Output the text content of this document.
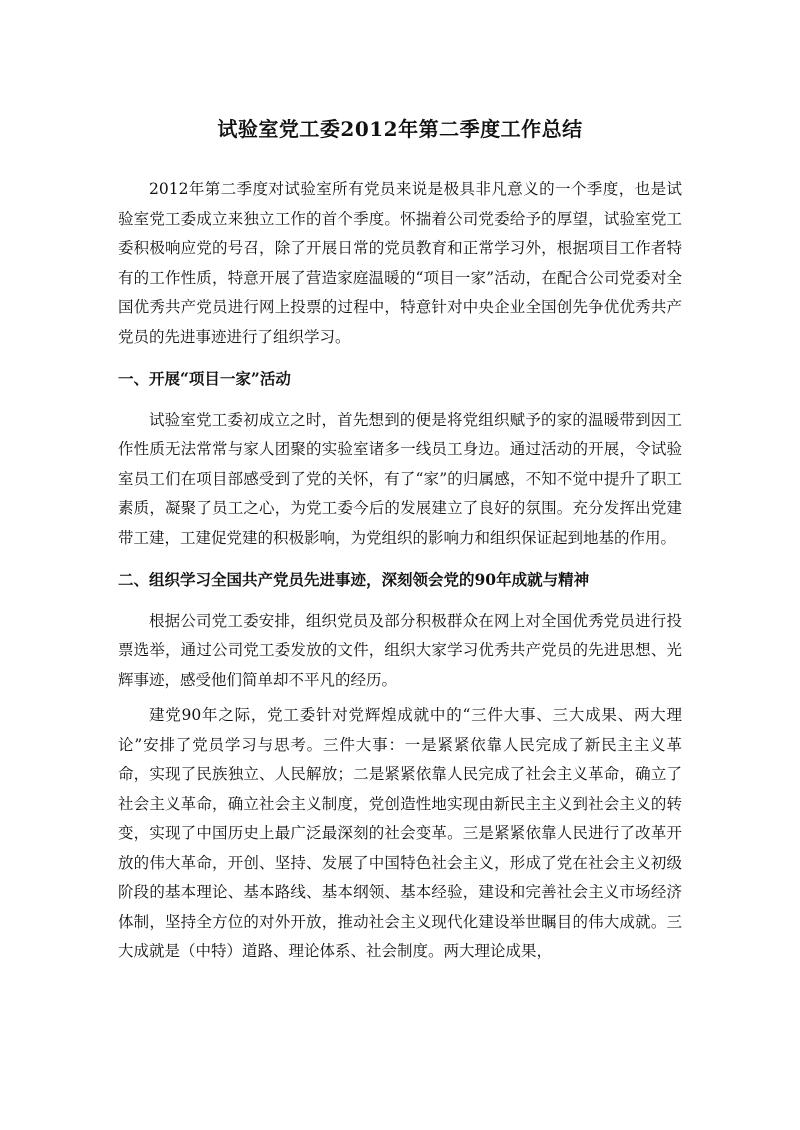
试验室党工委2012年第二季度工作总结

2012年第二季度对试验室所有党员来说是极具非凡意义的一个季度，也是试验室党工委成立来独立工作的首个季度。怀揣着公司党委给予的厚望，试验室党工委积极响应党的号召，除了开展日常的党员教育和正常学习外，根据项目工作者特有的工作性质，特意开展了营造家庭温暖的“项目一家”活动，在配合公司党委对全国优秀共产党员进行网上投票的过程中，特意针对中央企业全国创先争优优秀共产党员的先进事迹进行了组织学习。

一、开展“项目一家”活动

试验室党工委初成立之时，首先想到的便是将党组织赋予的家的温暖带到因工作性质无法常常与家人团聚的实验室诸多一线员工身边。通过活动的开展，令试验室员工们在项目部感受到了党的关怀，有了“家”的归属感，不知不觉中提升了职工素质，凝聚了员工之心，为党工委今后的发展建立了良好的氛围。充分发挥出党建带工建，工建促党建的积极影响，为党组织的影响力和组织保证起到地基的作用。

二、组织学习全国共产党员先进事迹，深刻领会党的90年成就与精神

根据公司党工委安排，组织党员及部分积极群众在网上对全国优秀党员进行投票选举，通过公司党工委发放的文件，组织大家学习优秀共产党员的先进思想、光辉事迹，感受他们简单却不平凡的经历。

建党90年之际，党工委针对党辉煌成就中的“三件大事、三大成果、两大理论”安排了党员学习与思考。三件大事：一是紧紧依靠人民完成了新民主主义革命，实现了民族独立、人民解放；二是紧紧依靠人民完成了社会主义革命，确立了社会主义革命，确立社会主义制度，党创造性地实现由新民主主义到社会主义的转变，实现了中国历史上最广泛最深刻的社会变革。三是紧紧依靠人民进行了改革开放的伟大革命，开创、坚持、发展了中国特色社会主义，形成了党在社会主义初级阶段的基本理论、基本路线、基本纲领、基本经验，建设和完善社会主义市场经济体制，坚持全方位的对外开放，推动社会主义现代化建设举世瞩目的伟大成就。三大成就是（中特）道路、理论体系、社会制度。两大理论成果，
